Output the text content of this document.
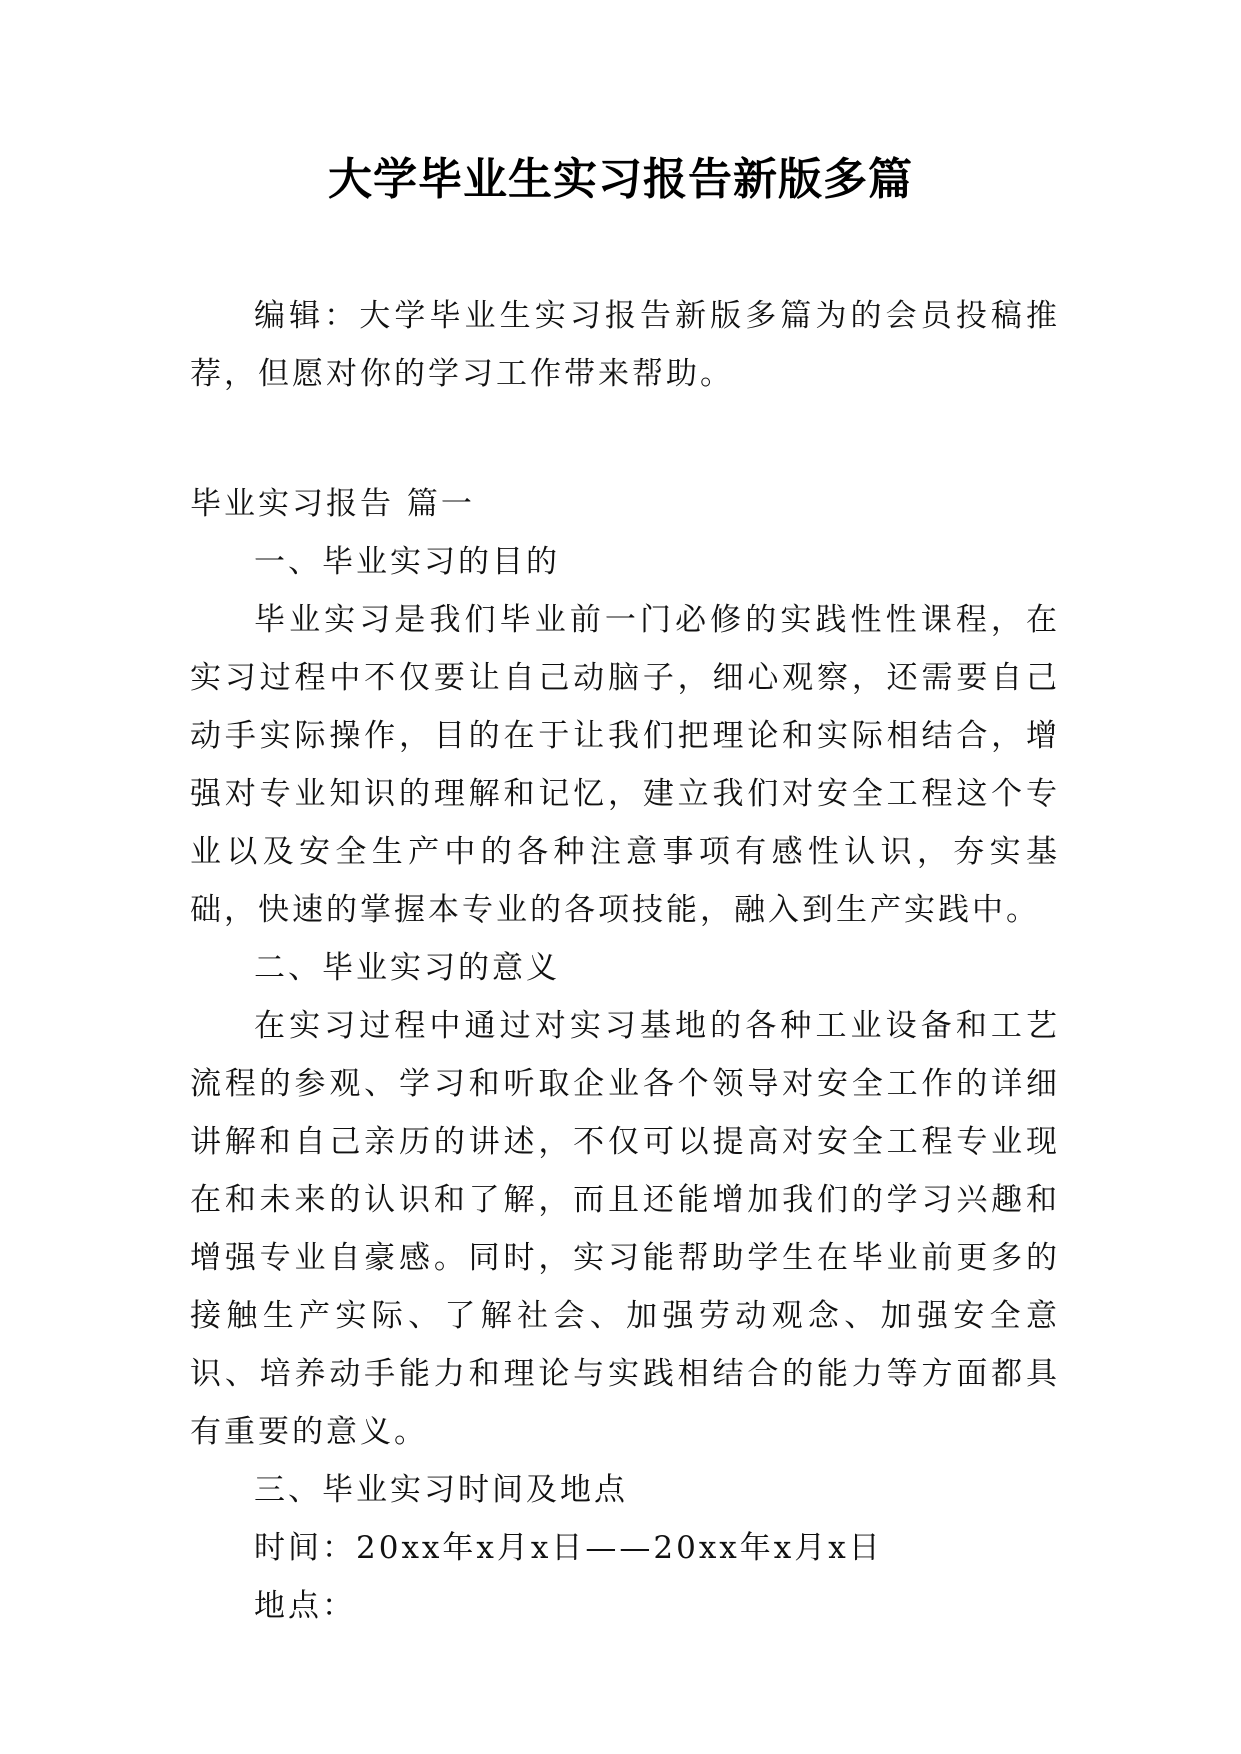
大学毕业生实习报告新版多篇

编辑：大学毕业生实习报告新版多篇为的会员投稿推荐，但愿对你的学习工作带来帮助。

毕业实习报告 篇一

一、毕业实习的目的

毕业实习是我们毕业前一门必修的实践性性课程，在实习过程中不仅要让自己动脑子，细心观察，还需要自己动手实际操作，目的在于让我们把理论和实际相结合，增强对专业知识的理解和记忆，建立我们对安全工程这个专业以及安全生产中的各种注意事项有感性认识，夯实基础，快速的掌握本专业的各项技能，融入到生产实践中。

二、毕业实习的意义

在实习过程中通过对实习基地的各种工业设备和工艺流程的参观、学习和听取企业各个领导对安全工作的详细讲解和自己亲历的讲述，不仅可以提高对安全工程专业现在和未来的认识和了解，而且还能增加我们的学习兴趣和增强专业自豪感。同时，实习能帮助学生在毕业前更多的接触生产实际、了解社会、加强劳动观念、加强安全意识、培养动手能力和理论与实践相结合的能力等方面都具有重要的意义。

三、毕业实习时间及地点

时间：20xx年x月x日——20xx年x月x日

地点：
